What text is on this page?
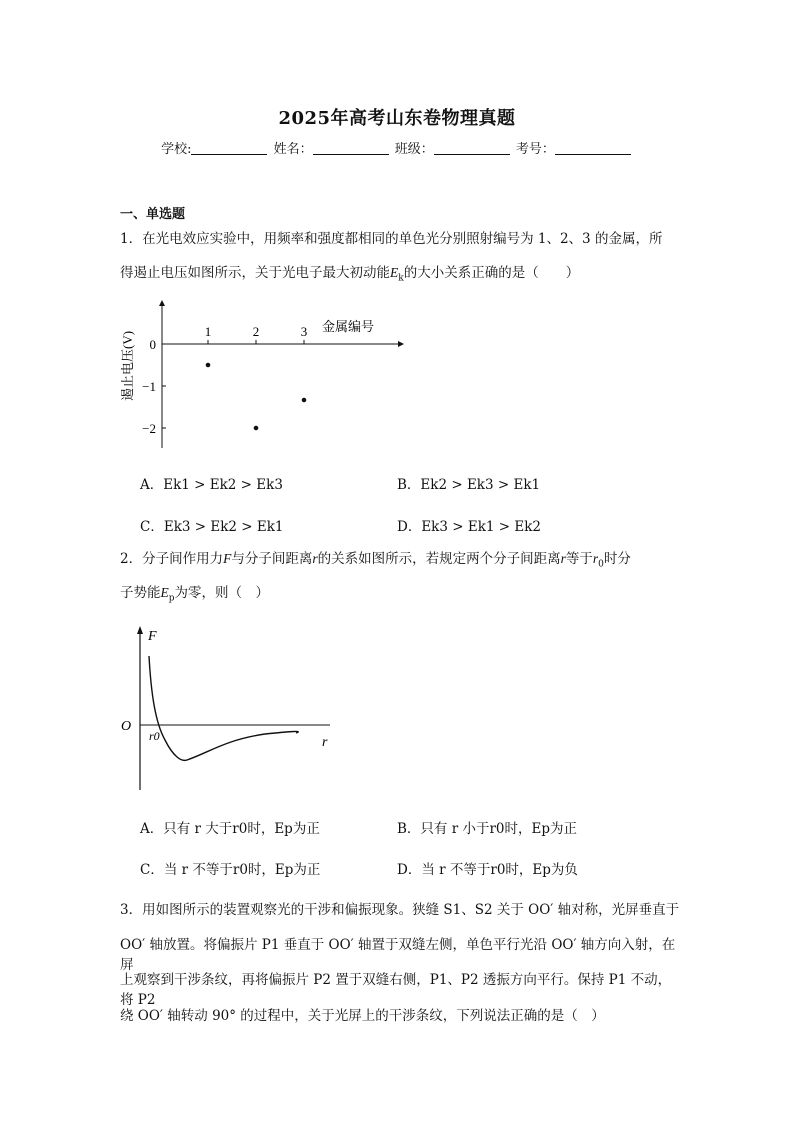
2025年高考山东卷物理真题
学校:	姓名：	班级：	考号：
一、单选题
1．在光电效应实验中，用频率和强度都相同的单色光分别照射编号为 1、2、3 的金属，所
得遏止电压如图所示，关于光电子最大初动能$E_k$的大小关系正确的是（　　）
1	2	3 金属编号
0
−1
−2
遏止电压(V)
A．Ek1 > Ek2 > Ek3	B．Ek2 > Ek3 > Ek1
C．Ek3 > Ek2 > Ek1	D．Ek3 > Ek1 > Ek2
2．分子间作用力F与分子间距离r的关系如图所示，若规定两个分子间距离r等于$r_0$时分
子势能$E_p$为零，则（　）
F
O
r0	r
A．只有 r 大于r0时，Ep为正	B．只有 r 小于r0时，Ep为正
C．当 r 不等于r0时，Ep为正	D．当 r 不等于r0时，Ep为负
3．用如图所示的装置观察光的干涉和偏振现象。狭缝 S1、S2 关于 OO′ 轴对称，光屏垂直于
OO′ 轴放置。将偏振片 P1 垂直于 OO′ 轴置于双缝左侧，单色平行光沿 OO′ 轴方向入射，在屏
上观察到干涉条纹，再将偏振片 P2 置于双缝右侧，P1、P2 透振方向平行。保持 P1 不动，将 P2
绕 OO′ 轴转动 90° 的过程中，关于光屏上的干涉条纹，下列说法正确的是（　）
